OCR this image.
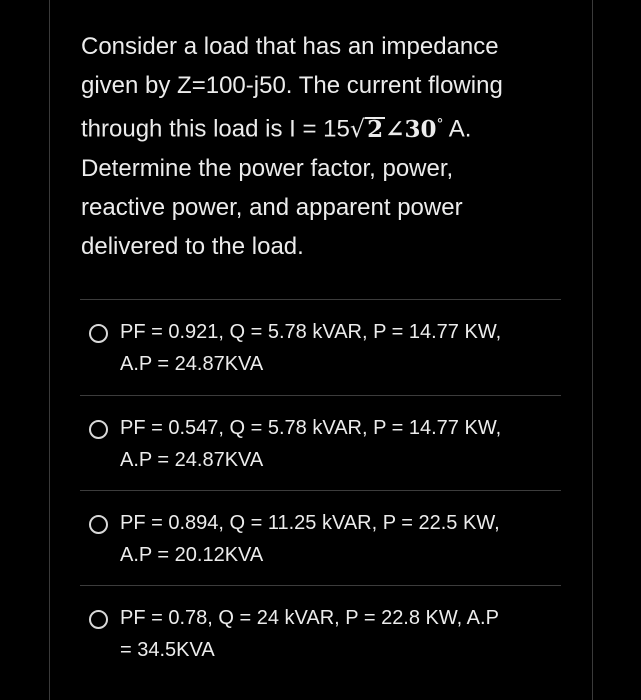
Consider a load that has an impedance
given by Z=100-j50. The current flowing
through this load is I = 15√2∠30° A.
Determine the power factor, power,
reactive power, and apparent power
delivered to the load.
PF = 0.921, Q = 5.78 kVAR, P = 14.77 KW,
A.P = 24.87KVA
PF = 0.547, Q = 5.78 kVAR, P = 14.77 KW,
A.P = 24.87KVA
PF = 0.894, Q = 11.25 kVAR, P = 22.5 KW,
A.P = 20.12KVA
PF = 0.78, Q = 24 kVAR, P = 22.8 KW, A.P
= 34.5KVA
